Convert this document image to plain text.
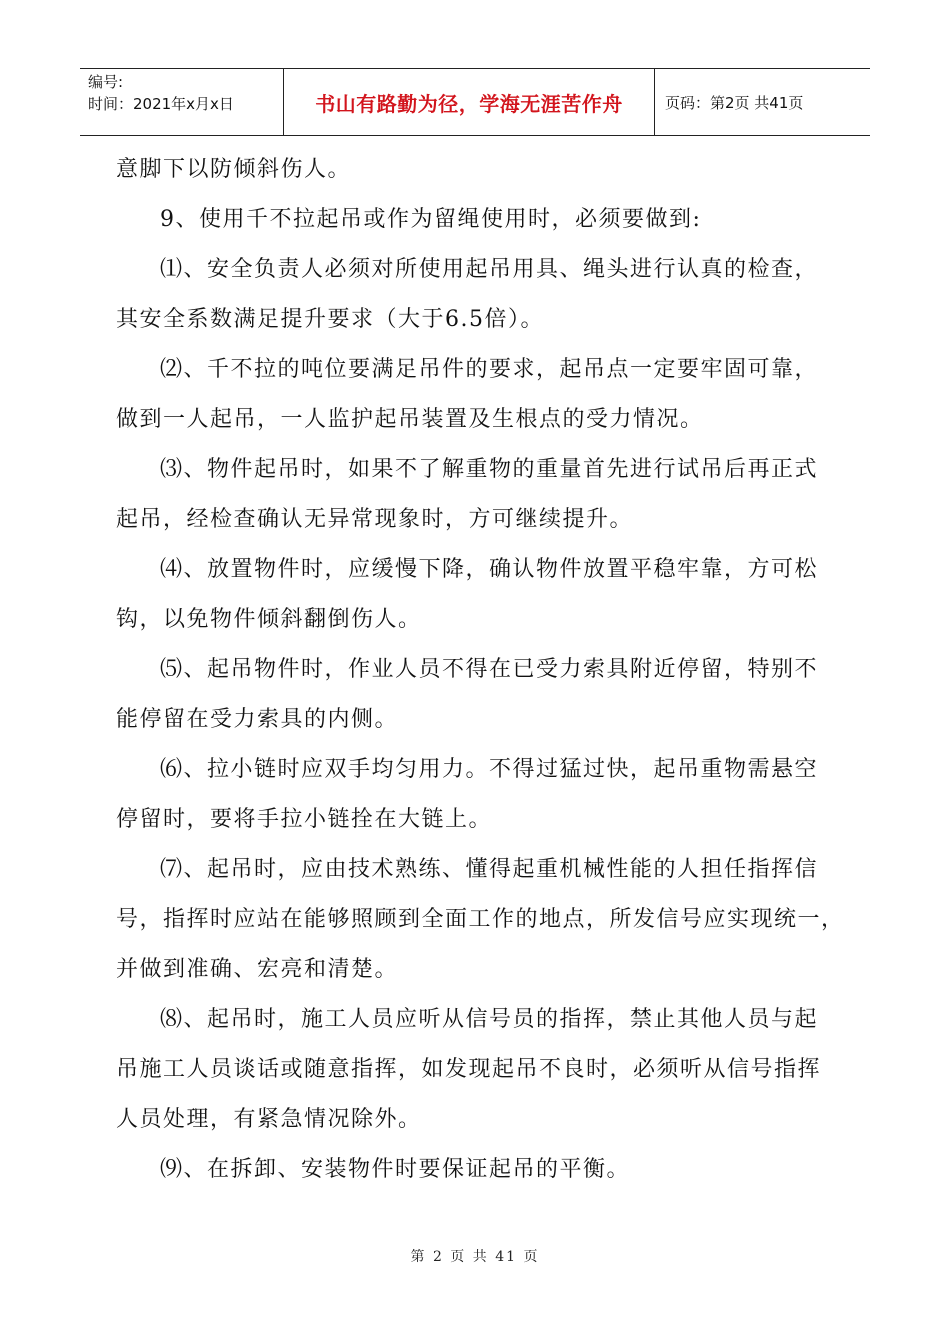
编号:
时间：2021年x月x日	书山有路勤为径，学海无涯苦作舟	页码：第2页 共41页
意脚下以防倾斜伤人。
9、使用千不拉起吊或作为留绳使用时，必须要做到:
⑴、安全负责人必须对所使用起吊用具、绳头进行认真的检查，
其安全系数满足提升要求（大于6.5倍）。
⑵、千不拉的吨位要满足吊件的要求，起吊点一定要牢固可靠，
做到一人起吊，一人监护起吊装置及生根点的受力情况。
⑶、物件起吊时，如果不了解重物的重量首先进行试吊后再正式
起吊，经检查确认无异常现象时，方可继续提升。
⑷、放置物件时，应缓慢下降，确认物件放置平稳牢靠，方可松
钩，以免物件倾斜翻倒伤人。
⑸、起吊物件时，作业人员不得在已受力索具附近停留，特别不
能停留在受力索具的内侧。
⑹、拉小链时应双手均匀用力。不得过猛过快，起吊重物需悬空
停留时，要将手拉小链拴在大链上。
⑺、起吊时，应由技术熟练、懂得起重机械性能的人担任指挥信
号，指挥时应站在能够照顾到全面工作的地点，所发信号应实现统一，
并做到准确、宏亮和清楚。
⑻、起吊时，施工人员应听从信号员的指挥，禁止其他人员与起
吊施工人员谈话或随意指挥，如发现起吊不良时，必须听从信号指挥
人员处理，有紧急情况除外。
⑼、在拆卸、安装物件时要保证起吊的平衡。
第 2 页 共 41 页
